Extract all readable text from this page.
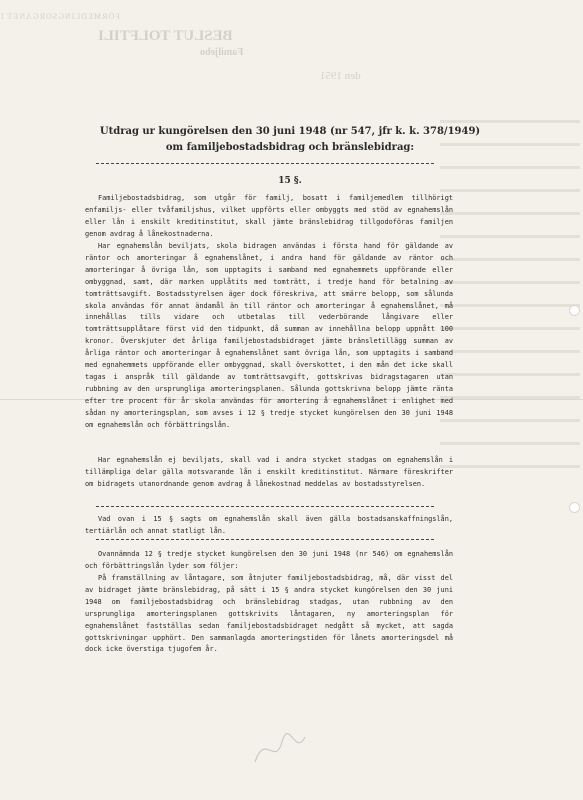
FÖRMEDLINGSORGANET I
BESLUT TOLFTILI
Familjebo
den 1951
Utdrag ur kungörelsen den 30 juni 1948 (nr 547, jfr k. k. 378/1949) om familjebostadsbidrag och bränslebidrag:

15 §.

Familjebostadsbidrag, som utgår för familj, bosatt i familjemedlem tillhörigt enfamiljs- eller tvåfamiljshus, vilket uppförts eller ombyggts med stöd av egnahemslån eller lån i enskilt kreditinstitut, skall jämte bränslebidrag tillgodoföras familjen genom avdrag å lånekostnaderna.

Har egnahemslån beviljats, skola bidragen användas i första hand för gäldande av räntor och amorteringar å egnahemslånet, i andra hand för gäldande av räntor och amorteringar å övriga lån, som upptagits i samband med egnahemmets uppförande eller ombyggnad, samt, där marken upplåtits med tomträtt, i tredje hand för betalning av tomträttsavgift. Bostadsstyrelsen äger dock föreskriva, att smärre belopp, som sålunda skola användas för annat ändamål än till räntor och amorteringar å egnahemslånet, må innehållas tills vidare och utbetalas till vederbörande långivare eller tomträttsupplåtare först vid den tidpunkt, då summan av innehållna belopp uppnått 100 kronor. Överskjuter det årliga familjebostadsbidraget jämte bränsletillägg summan av årliga räntor och amorteringar å egnahemslånet samt övriga lån, som upptagits i samband med egnahemmets uppförande eller ombyggnad, skall överskottet, i den mån det icke skall tagas i anspråk till gäldande av tomträttsavgift, gottskrivas bidragstagaren utan rubbning av den ursprungliga amorteringsplanen. Sålunda gottskrivna belopp jämte ränta efter tre procent för år skola användas för amortering å egnahemslånet i enlighet med sådan ny amorteringsplan, som avses i 12 § tredje stycket kungörelsen den 30 juni 1948 om egnahemslån och förbättringslån.

Har egnahemslån ej beviljats, skall vad i andra stycket stadgas om egnahemslån i tillämpliga delar gälla motsvarande lån i enskilt kreditinstitut. Närmare föreskrifter om bidragets utanordnande genom avdrag å lånekostnad meddelas av bostadsstyrelsen.

Vad ovan i 15 § sagts om egnahemslån skall även gälla bostadsanskaffningslån, tertiärlån och annat statligt lån.

Ovannämnda 12 § tredje stycket kungörelsen den 30 juni 1948 (nr 546) om egnahemslån och förbättringslån lyder som följer:

På framställning av låntagare, som åtnjuter familjebostadsbidrag, må, där visst del av bidraget jämte bränslebidrag, på sätt i 15 § andra stycket kungörelsen den 30 juni 1948 om familjebostadsbidrag och bränslebidrag stadgas, utan rubbning av den ursprungliga amorteringsplanen gottskrivits låntagaren, ny amorteringsplan för egnahemslånet fastställas sedan familjebostadsbidraget nedgått så mycket, att sagda gottskrivningar upphört. Den sammanlagda amorteringstiden för lånets amorteringsdel må dock icke överstiga tjugofem år.
